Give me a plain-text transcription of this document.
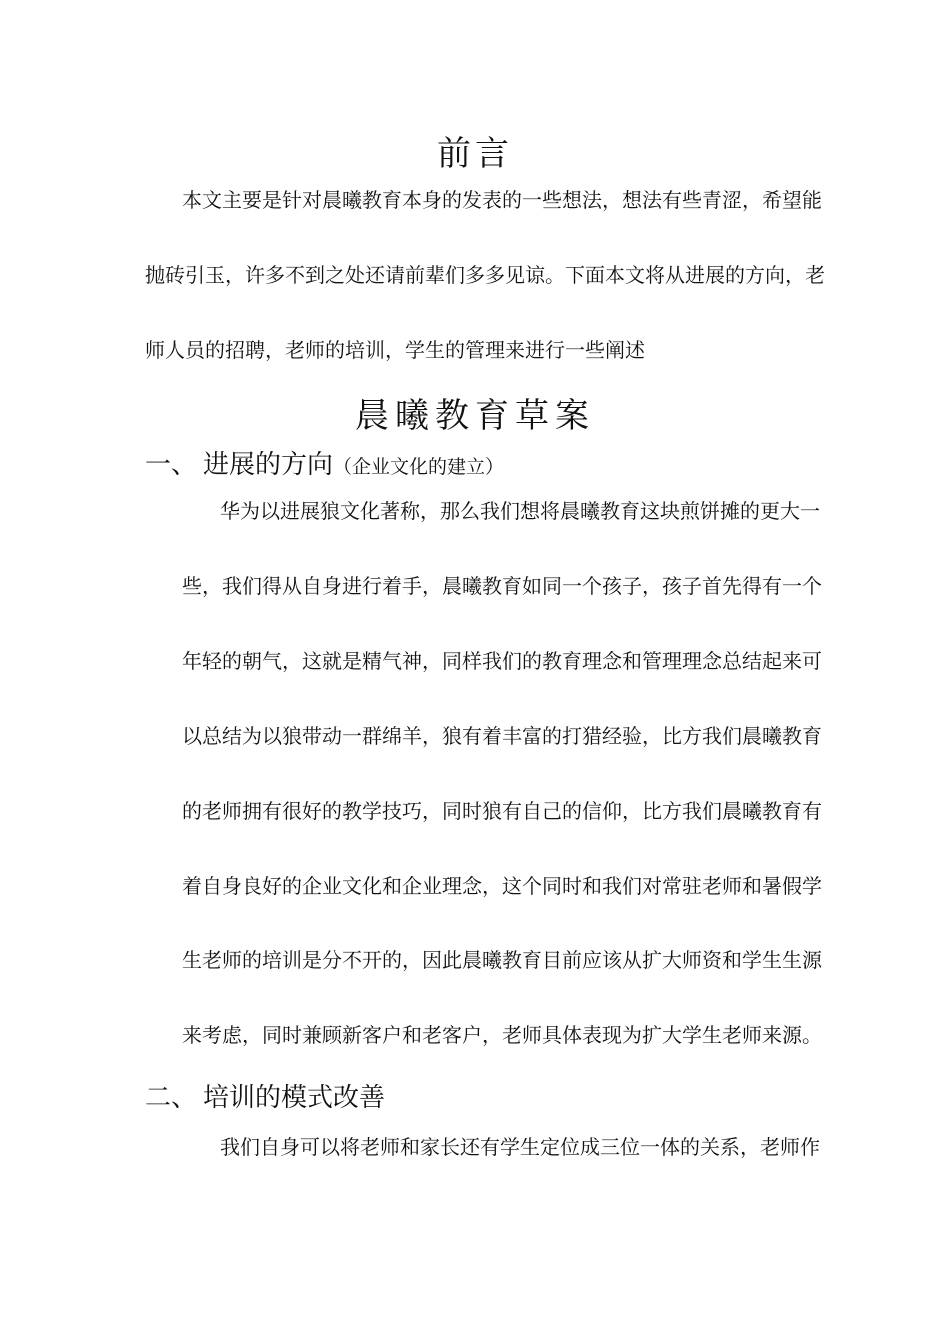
前言
本文主要是针对晨曦教育本身的发表的一些想法，想法有些青涩，希望能
抛砖引玉，许多不到之处还请前辈们多多见谅。下面本文将从进展的方向，老
师人员的招聘，老师的培训，学生的管理来进行一些阐述
晨曦教育草案
一、 进展的方向（企业文化的建立）
华为以进展狼文化著称，那么我们想将晨曦教育这块煎饼摊的更大一
些，我们得从自身进行着手，晨曦教育如同一个孩子，孩子首先得有一个
年轻的朝气，这就是精气神，同样我们的教育理念和管理理念总结起来可
以总结为以狼带动一群绵羊，狼有着丰富的打猎经验，比方我们晨曦教育
的老师拥有很好的教学技巧，同时狼有自己的信仰，比方我们晨曦教育有
着自身良好的企业文化和企业理念，这个同时和我们对常驻老师和暑假学
生老师的培训是分不开的，因此晨曦教育目前应该从扩大师资和学生生源
来考虑，同时兼顾新客户和老客户，老师具体表现为扩大学生老师来源。
二、 培训的模式改善
我们自身可以将老师和家长还有学生定位成三位一体的关系，老师作
